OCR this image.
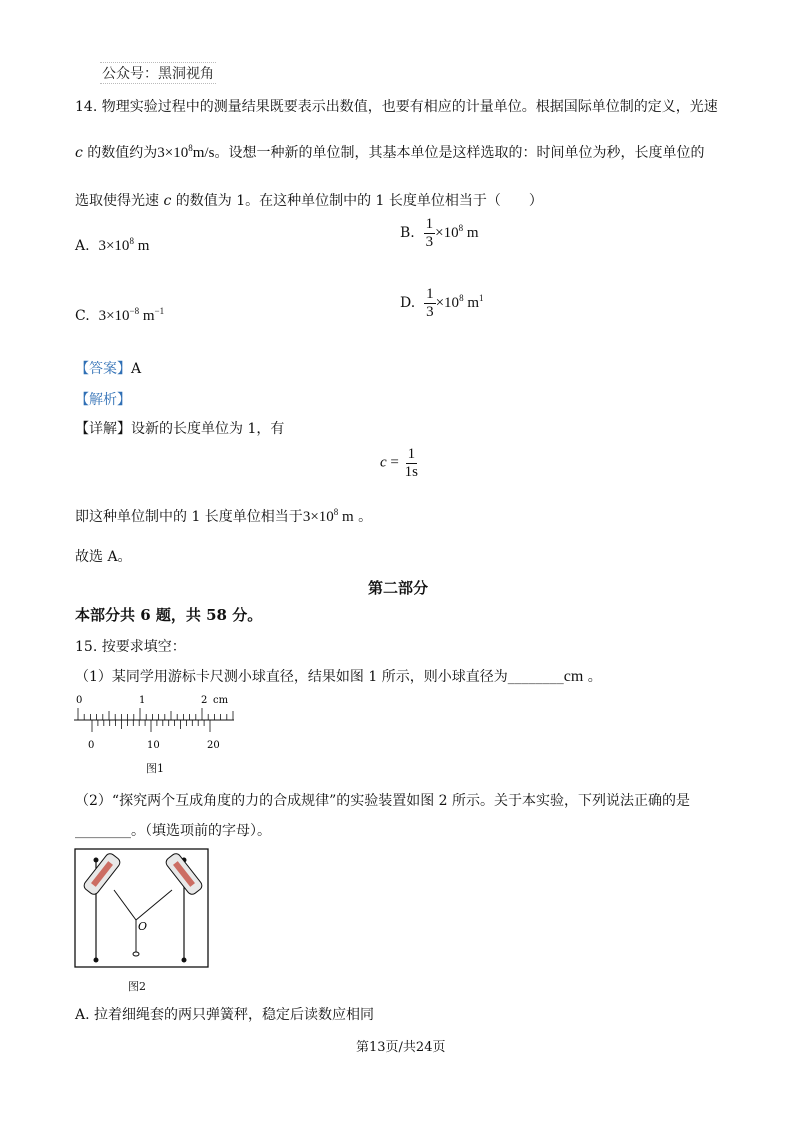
公众号：黑洞视角
14. 物理实验过程中的测量结果既要表示出数值，也要有相应的计量单位。根据国际单位制的定义，光速
c 的数值约为$3\times 10^8m/s$。设想一种新的单位制，其基本单位是这样选取的：时间单位为秒，长度单位的
选取使得光速 c 的数值为 1。在这种单位制中的 1 长度单位相当于（　　）
A. $3\times 10^8$ m
B. $\frac{1}{3} \times 10^8$ m
C. $3\times 10^{-8}$ $m^{-1}$	D. $\frac{1}{3} \times 10^8$ $m^1$
【答案】A
【解析】
【详解】设新的长度单位为 1，有
$c = \frac{1}{1s}$
即这种单位制中的 1 长度单位相当于$3\times 10^8$ m 。
故选 A。
第二部分
本部分共 6 题，共 58 分。
15. 按要求填空：
（1）某同学用游标卡尺测小球直径，结果如图 1 所示，则小球直径为________cm 。
0	1	2 cm
0	10	20
图1
（2）“探究两个互成角度的力的合成规律”的实验装置如图 2 所示。关于本实验，下列说法正确的是
________。（填选项前的字母）。
O
图2
A. 拉着细绳套的两只弹簧秤，稳定后读数应相同
第13页/共24页
